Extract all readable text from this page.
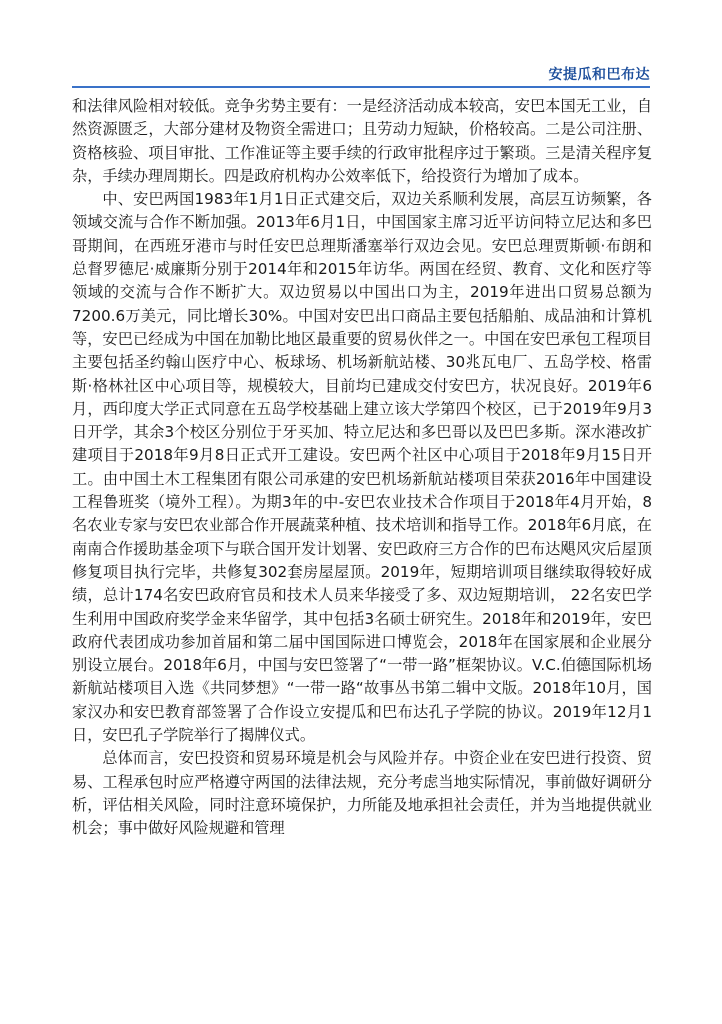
安提瓜和巴布达

和法律风险相对较低。竞争劣势主要有：一是经济活动成本较高，安巴本国无工业，自然资源匮乏，大部分建材及物资全需进口；且劳动力短缺，价格较高。二是公司注册、资格核验、项目审批、工作准证等主要手续的行政审批程序过于繁琐。三是清关程序复杂，手续办理周期长。四是政府机构办公效率低下，给投资行为增加了成本。

中、安巴两国1983年1月1日正式建交后，双边关系顺利发展，高层互访频繁，各领域交流与合作不断加强。2013年6月1日，中国国家主席习近平访问特立尼达和多巴哥期间，在西班牙港市与时任安巴总理斯潘塞举行双边会见。安巴总理贾斯顿·布朗和总督罗德尼·威廉斯分别于2014年和2015年访华。两国在经贸、教育、文化和医疗等领域的交流与合作不断扩大。双边贸易以中国出口为主，2019年进出口贸易总额为7200.6万美元，同比增长30%。中国对安巴出口商品主要包括船舶、成品油和计算机等，安巴已经成为中国在加勒比地区最重要的贸易伙伴之一。中国在安巴承包工程项目主要包括圣约翰山医疗中心、板球场、机场新航站楼、30兆瓦电厂、五岛学校、格雷斯·格林社区中心项目等，规模较大，目前均已建成交付安巴方，状况良好。2019年6月，西印度大学正式同意在五岛学校基础上建立该大学第四个校区，已于2019年9月3日开学，其余3个校区分别位于牙买加、特立尼达和多巴哥以及巴巴多斯。深水港改扩建项目于2018年9月8日正式开工建设。安巴两个社区中心项目于2018年9月15日开工。由中国土木工程集团有限公司承建的安巴机场新航站楼项目荣获2016年中国建设工程鲁班奖（境外工程）。为期3年的中-安巴农业技术合作项目于2018年4月开始，8名农业专家与安巴农业部合作开展蔬菜种植、技术培训和指导工作。2018年6月底，在南南合作援助基金项下与联合国开发计划署、安巴政府三方合作的巴布达飓风灾后屋顶修复项目执行完毕，共修复302套房屋屋顶。2019年，短期培训项目继续取得较好成绩，总计174名安巴政府官员和技术人员来华接受了多、双边短期培训， 22名安巴学生利用中国政府奖学金来华留学，其中包括3名硕士研究生。2018年和2019年，安巴政府代表团成功参加首届和第二届中国国际进口博览会，2018年在国家展和企业展分别设立展台。2018年6月，中国与安巴签署了“一带一路”框架协议。V.C.伯德国际机场新航站楼项目入选《共同梦想》“一带一路“故事丛书第二辑中文版。2018年10月，国家汉办和安巴教育部签署了合作设立安提瓜和巴布达孔子学院的协议。2019年12月1日，安巴孔子学院举行了揭牌仪式。

总体而言，安巴投资和贸易环境是机会与风险并存。中资企业在安巴进行投资、贸易、工程承包时应严格遵守两国的法律法规，充分考虑当地实际情况，事前做好调研分析，评估相关风险，同时注意环境保护，力所能及地承担社会责任，并为当地提供就业机会；事中做好风险规避和管理
